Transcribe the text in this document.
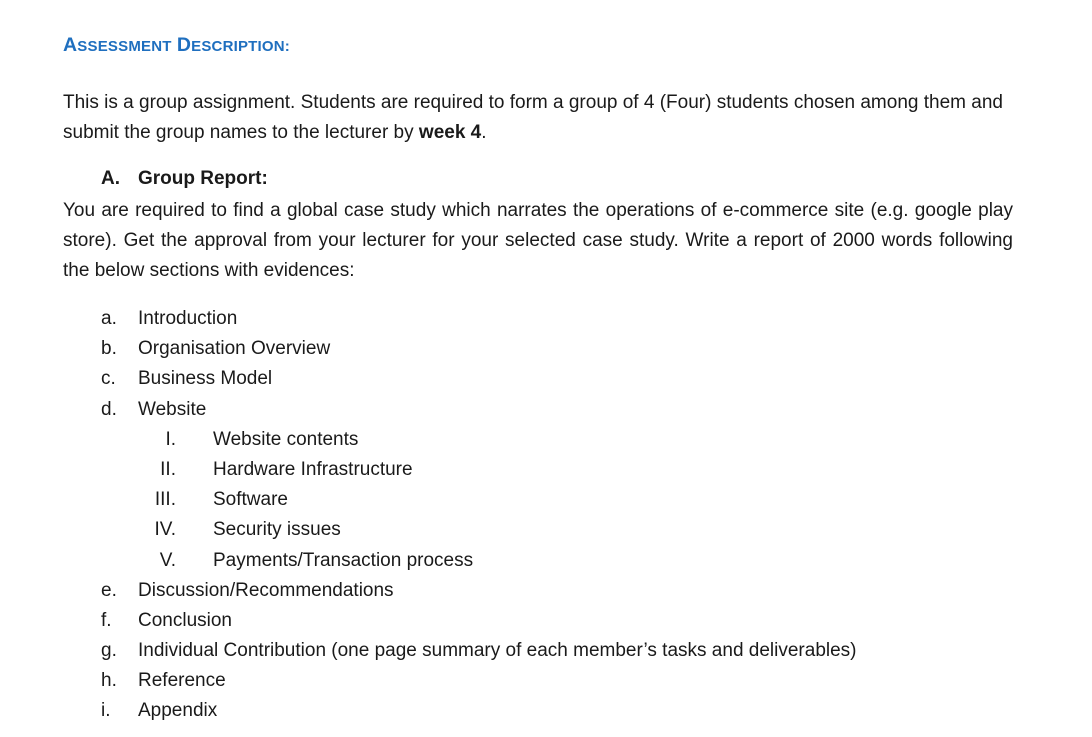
ASSESSMENT DESCRIPTION:
This is a group assignment. Students are required to form a group of 4 (Four) students chosen among them and submit the group names to the lecturer by week 4.
A. Group Report:
You are required to find a global case study which narrates the operations of e-commerce site (e.g. google play store). Get the approval from your lecturer for your selected case study. Write a report of 2000 words following the below sections with evidences:
a. Introduction
b. Organisation Overview
c. Business Model
d. Website
I. Website contents
II. Hardware Infrastructure
III. Software
IV. Security issues
V. Payments/Transaction process
e. Discussion/Recommendations
f. Conclusion
g. Individual Contribution (one page summary of each member’s tasks and deliverables)
h. Reference
i. Appendix
